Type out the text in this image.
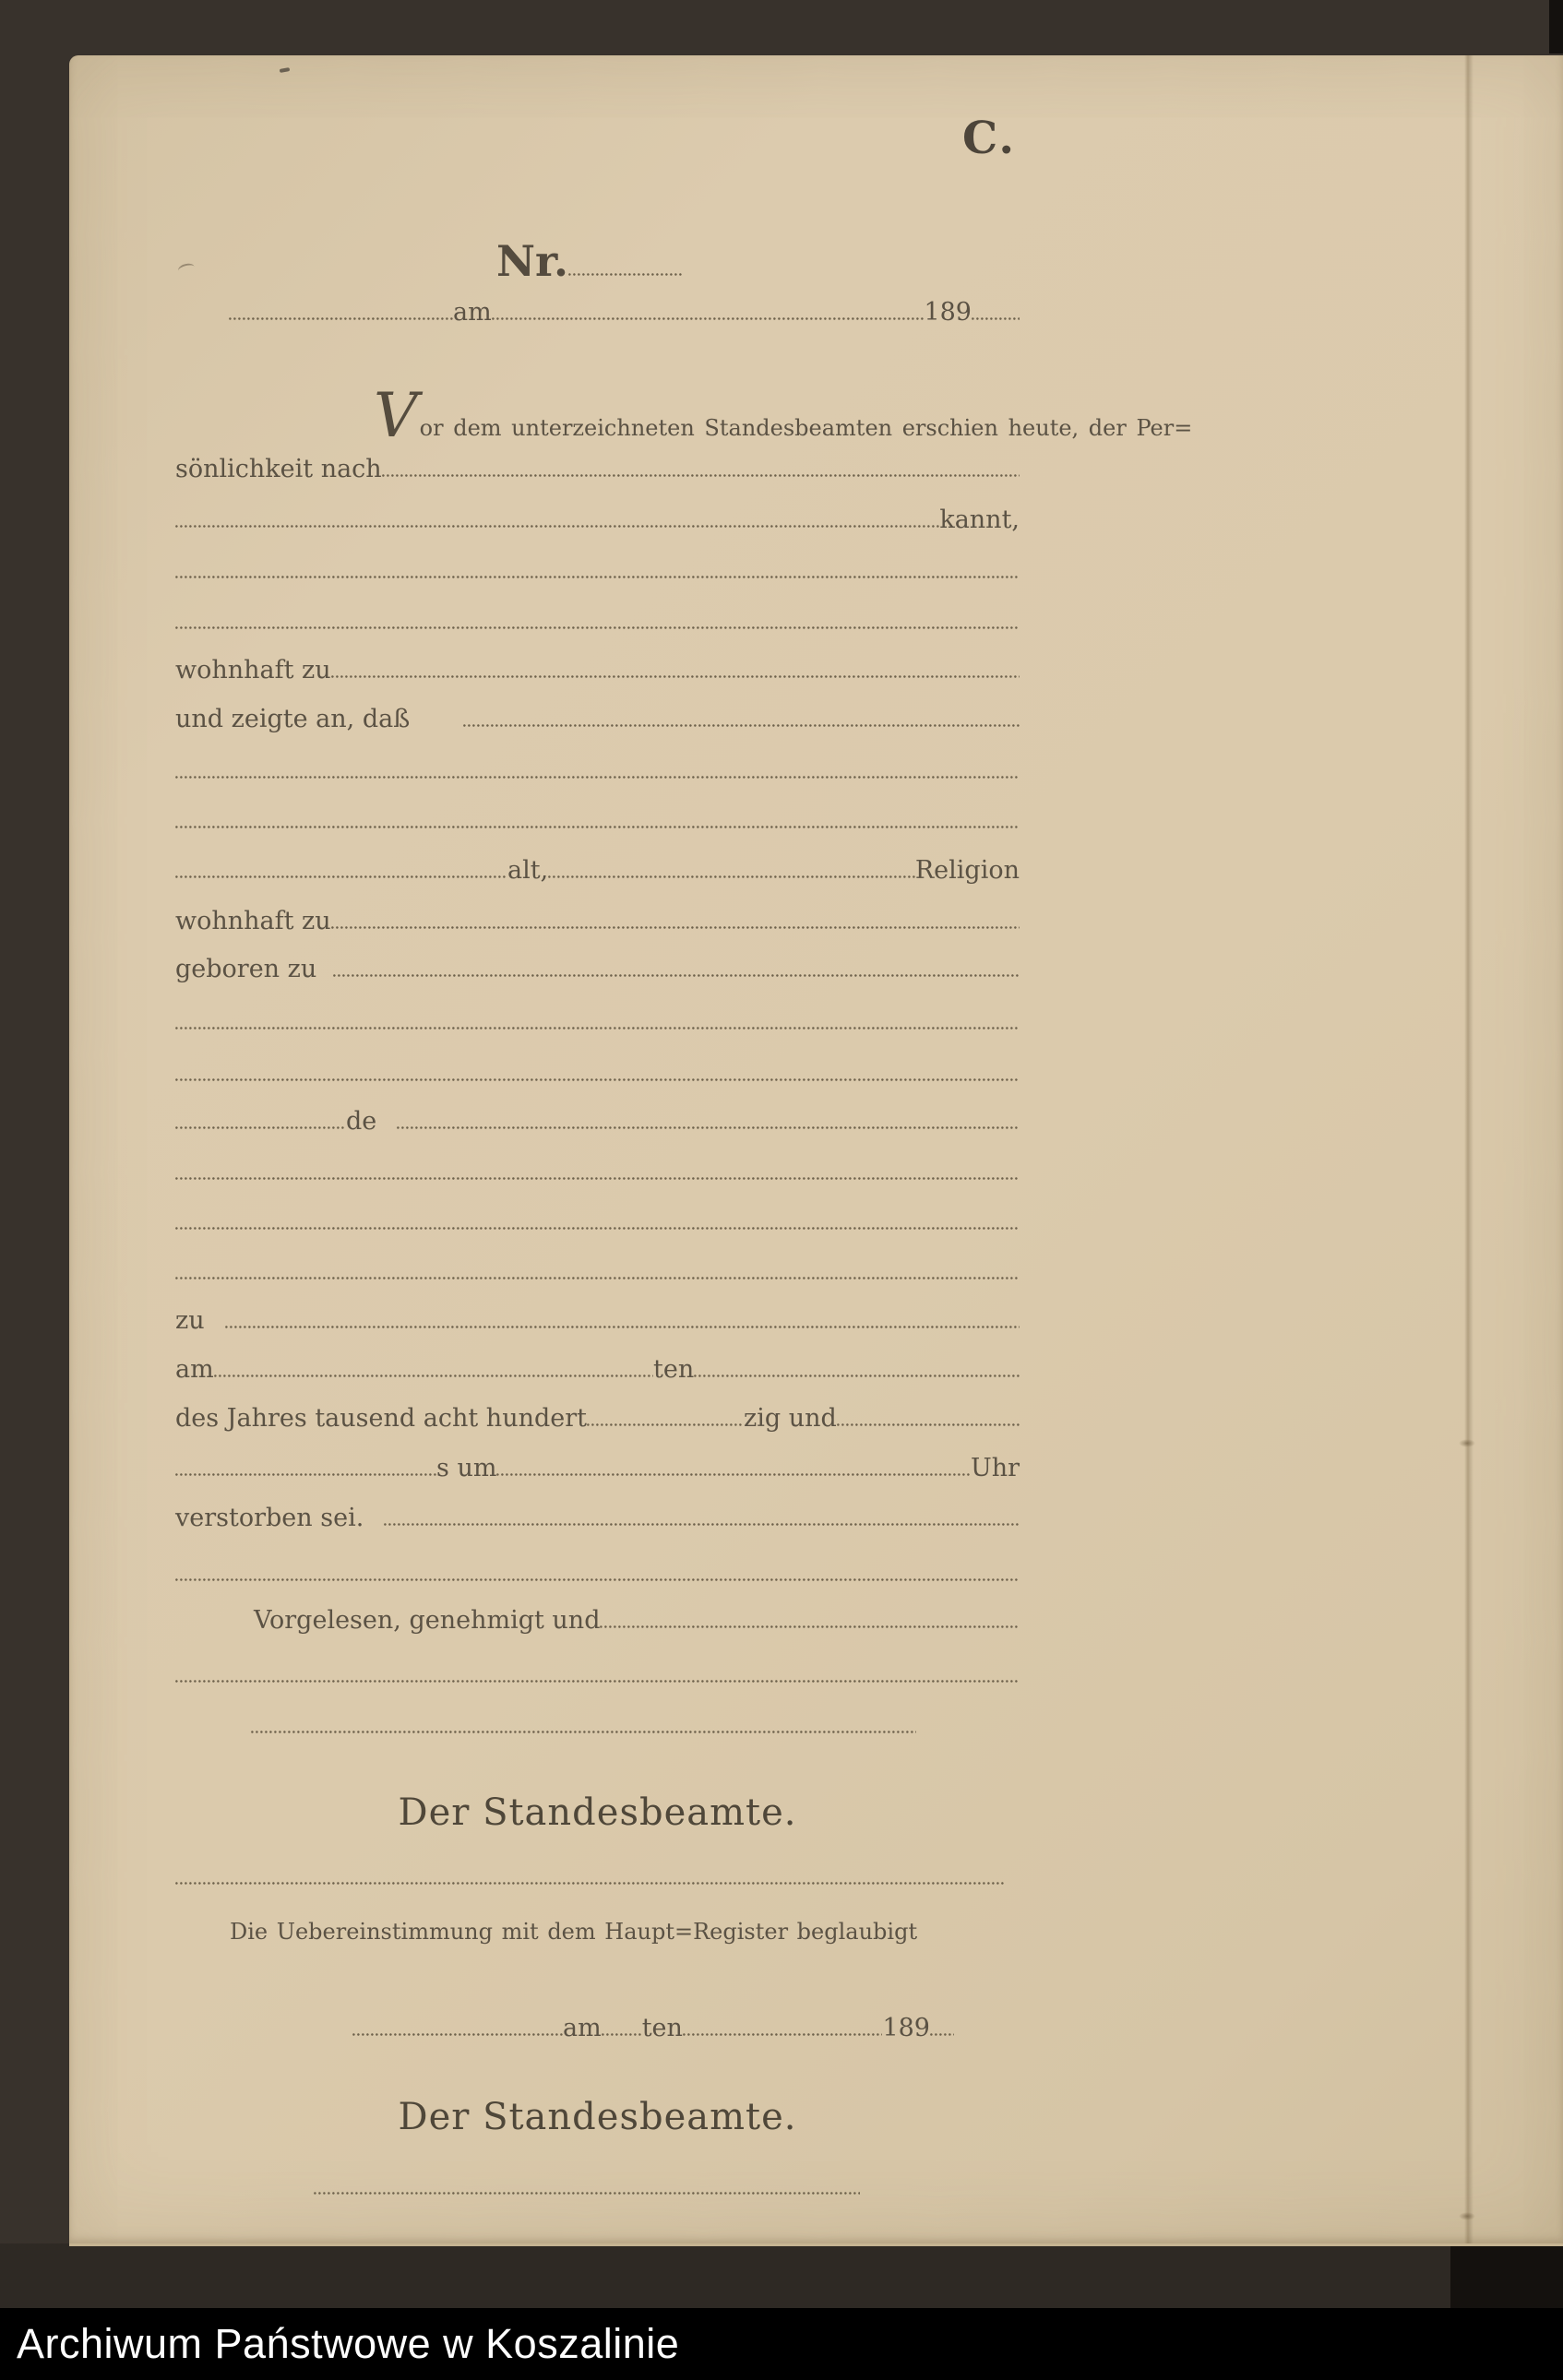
C.
Nr.
am	189
V or dem unterzeichneten Standesbeamten erschien heute, der Per=
sönlichkeit nach
kannt,
wohnhaft zu
und zeigte an, daß
alt,	Religion
wohnhaft zu
geboren zu
de
zu
am	ten
des Jahres tausend acht hundert	zig und
s um	Uhr
verstorben sei.
Vorgelesen, genehmigt und
Der Standesbeamte.
Die Uebereinstimmung mit dem Haupt=Register beglaubigt
am ten	189
Der Standesbeamte.
Archiwum Państwowe w Koszalinie
